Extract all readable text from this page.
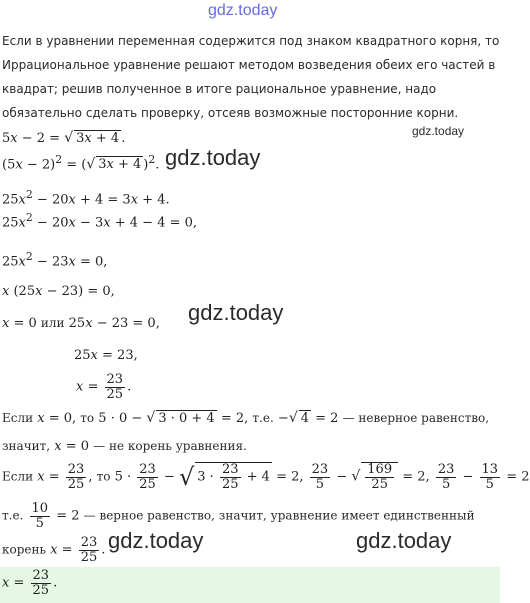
gdz.today
Если в уравнении переменная содержится под знаком квадратного корня, то
Иррациональное уравнение решают методом возведения обеих его частей в
квадрат; решив полученное в итоге рациональное уравнение, надо
обязательно сделать проверку, отсеяв возможные посторонние корни.
gdz.today
5x − 2 = √ 3x + 4 .
$(5x - 2)^2$ = (√ 3x + 4 )$^2$. gdz.today
$25x^2 - 20x + 4 = 3x + 4$.
$25x^2 - 20x - 3x + 4 - 4 = 0$,
$25x^2 - 23x = 0$,
x (25x − 23) = 0,
x = 0 или 25x − 23 = 0, gdz.today
25x = 23,
$x = \frac{23}{25}$ .
Если x = 0, то 5 · 0 − √ 3 · 0 + 4 = 2, т.е. −√ 4 = 2 — неверное равенство,
значит, x = 0 — не корень уравнения.
Если $x = \frac{23}{25}$ , то $5 \cdot \frac{23}{25}$ − √ $3 \cdot \frac{23}{25} + 4 = 2$, $\frac{23}{5}$ − √ $\frac{169}{25} = 2$, $\frac{23}{5} - \frac{13}{5} = 2$
т.е. $\frac{10}{5} = 2$ — верное равенство, значит, уравнение имеет единственный
корень $x = \frac{23}{25}$ . gdz.today	gdz.today
$x = \frac{23}{25}$ .
